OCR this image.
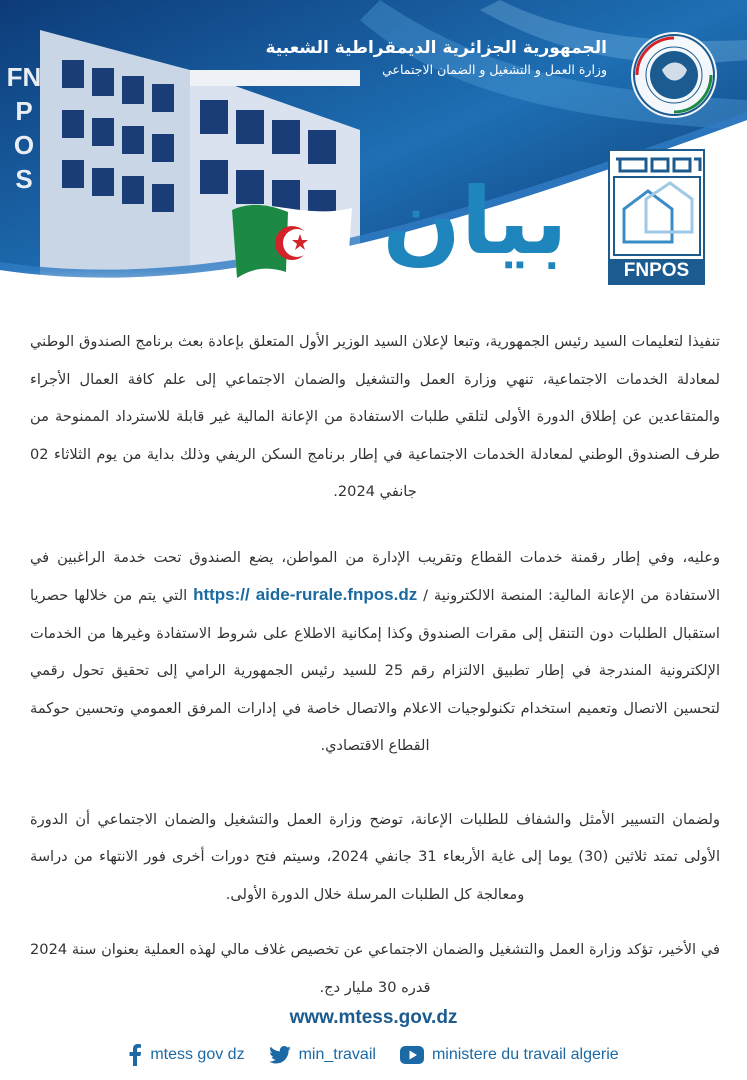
FNPOS
الجمهورية الجزائرية الديمقراطية الشعبية
وزارة العمل و التشغيل و الضمان الاجتماعي
بيان	FNPOS

تنفيذا لتعليمات السيد رئيس الجمهورية، وتبعا لإعلان السيد الوزير الأول المتعلق بإعادة بعث برنامج الصندوق الوطني لمعادلة الخدمات الاجتماعية، تنهي وزارة العمل والتشغيل والضمان الاجتماعي إلى علم كافة العمال الأجراء والمتقاعدين عن إطلاق الدورة الأولى لتلقي طلبات الاستفادة من الإعانة المالية غير قابلة للاسترداد الممنوحة من طرف الصندوق الوطني لمعادلة الخدمات الاجتماعية في إطار برنامج السكن الريفي وذلك بداية من يوم الثلاثاء 02 جانفي 2024.

وعليه، وفي إطار رقمنة خدمات القطاع وتقريب الإدارة من المواطن، يضع الصندوق تحت خدمة الراغبين في الاستفادة من الإعانة المالية: المنصة الالكترونية / https:// aide-rurale.fnpos.dz التي يتم من خلالها حصريا استقبال الطلبات دون التنقل إلى مقرات الصندوق وكذا إمكانية الاطلاع على شروط الاستفادة وغيرها من الخدمات الإلكترونية المندرجة في إطار تطبيق الالتزام رقم 25 للسيد رئيس الجمهورية الرامي إلى تحقيق تحول رقمي لتحسين الاتصال وتعميم استخدام تكنولوجيات الاعلام والاتصال خاصة في إدارات المرفق العمومي وتحسين حوكمة القطاع الاقتصادي.

ولضمان التسيير الأمثل والشفاف للطلبات الإعانة، توضح وزارة العمل والتشغيل والضمان الاجتماعي أن الدورة الأولى تمتد ثلاثين (30) يوما إلى غاية الأربعاء 31 جانفي 2024، وسيتم فتح دورات أخرى فور الانتهاء من دراسة ومعالجة كل الطلبات المرسلة خلال الدورة الأولى.

في الأخير، تؤكد وزارة العمل والتشغيل والضمان الاجتماعي عن تخصيص غلاف مالي لهذه العملية بعنوان سنة 2024 قدره 30 مليار دج.

www.mtess.gov.dz
mtess gov dz	min_travail	ministere du travail algerie
